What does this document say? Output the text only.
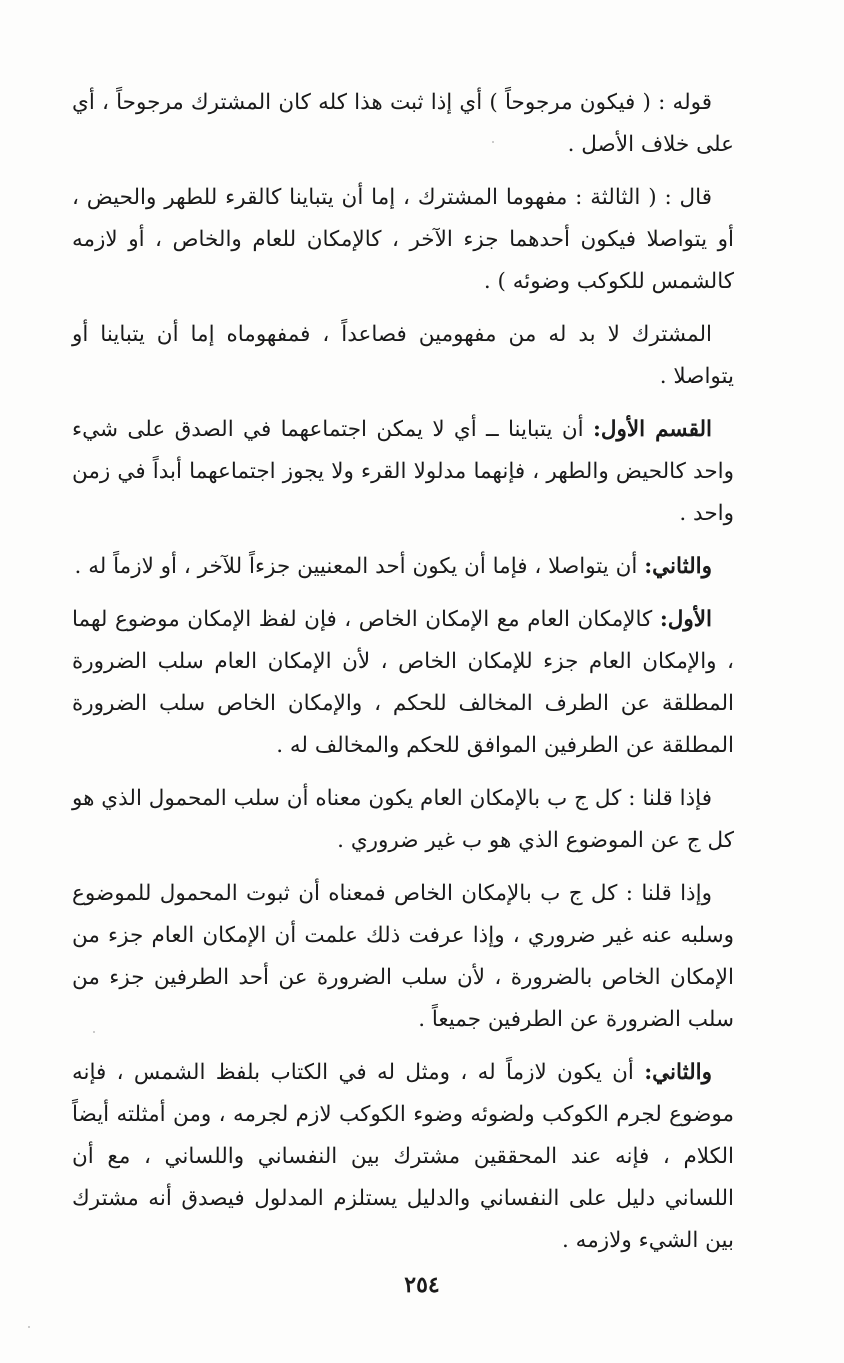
قوله : ( فيكون مرجوحاً ) أي إذا ثبت هذا كله كان المشترك مرجوحاً ، أي على خلاف الأصل .

قال : ( الثالثة : مفهوما المشترك ، إما أن يتباينا كالقرء للطهر والحيض ، أو يتواصلا فيكون أحدهما جزء الآخر ، كالإمكان للعام والخاص ، أو لازمه كالشمس للكوكب وضوئه ) .

المشترك لا بد له من مفهومين فصاعداً ، فمفهوماه إما أن يتباينا أو يتواصلا .

القسم الأول: أن يتباينا ــ أي لا يمكن اجتماعهما في الصدق على شيء واحد كالحيض والطهر ، فإنهما مدلولا القرء ولا يجوز اجتماعهما أبداً في زمن واحد .

والثاني: أن يتواصلا ، فإما أن يكون أحد المعنيين جزءاً للآخر ، أو لازماً له .

الأول: كالإمكان العام مع الإمكان الخاص ، فإن لفظ الإمكان موضوع لهما ، والإمكان العام جزء للإمكان الخاص ، لأن الإمكان العام سلب الضرورة المطلقة عن الطرف المخالف للحكم ، والإمكان الخاص سلب الضرورة المطلقة عن الطرفين الموافق للحكم والمخالف له .

فإذا قلنا : كل ج ب بالإمكان العام يكون معناه أن سلب المحمول الذي هو كل ج عن الموضوع الذي هو ب غير ضروري .

وإذا قلنا : كل ج ب بالإمكان الخاص فمعناه أن ثبوت المحمول للموضوع وسلبه عنه غير ضروري ، وإذا عرفت ذلك علمت أن الإمكان العام جزء من الإمكان الخاص بالضرورة ، لأن سلب الضرورة عن أحد الطرفين جزء من سلب الضرورة عن الطرفين جميعاً .

والثاني: أن يكون لازماً له ، ومثل له في الكتاب بلفظ الشمس ، فإنه موضوع لجرم الكوكب ولضوئه وضوء الكوكب لازم لجرمه ، ومن أمثلته أيضاً الكلام ، فإنه عند المحققين مشترك بين النفساني واللساني ، مع أن اللساني دليل على النفساني والدليل يستلزم المدلول فيصدق أنه مشترك بين الشيء ولازمه .

٢٥٤
